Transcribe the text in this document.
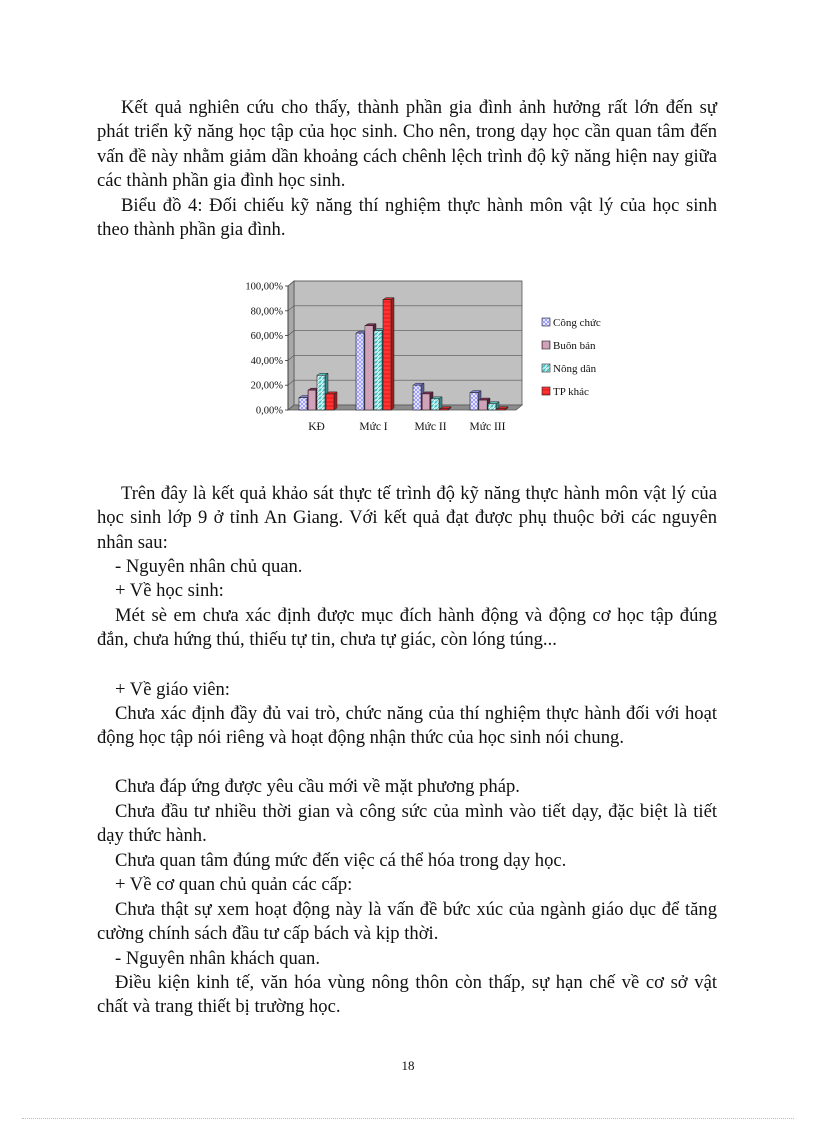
Kết quả nghiên cứu cho thấy, thành phần gia đình ảnh hưởng rất lớn đến sự phát triển kỹ năng học tập của học sinh. Cho nên, trong dạy học cần quan tâm đến vấn đề này nhằm giảm dần khoảng cách chênh lệch trình độ kỹ năng hiện nay giữa các thành phần gia đình học sinh.

Biểu đồ 4: Đối chiếu kỹ năng thí nghiệm thực hành môn vật lý của học sinh theo thành phần gia đình.

0,00%
20,00%
40,00%
60,00%
80,00%
100,00%
KĐ	Mức I Mức II Mức III
Công chức
Buôn bán
Nông dân
TP khác

Trên đây là kết quả khảo sát thực tế trình độ kỹ năng thực hành môn vật lý của học sinh lớp 9 ở tỉnh An Giang. Với kết quả đạt được phụ thuộc bởi các nguyên nhân sau:

- Nguyên nhân chủ quan.

+ Về học sinh:

Mét sè em chưa xác định được mục đích hành động và động cơ học tập đúng đắn, chưa hứng thú, thiếu tự tin, chưa tự giác, còn lóng túng...

+ Về giáo viên:

Chưa xác định đầy đủ vai trò, chức năng của thí nghiệm thực hành đối với hoạt động học tập nói riêng và hoạt động nhận thức của học sinh nói chung.

Chưa đáp ứng được yêu cầu mới về mặt phương pháp.

Chưa đầu tư nhiều thời gian và công sức của mình vào tiết dạy, đặc biệt là tiết dạy thức hành.

Chưa quan tâm đúng mức đến việc cá thể hóa trong dạy học.

+ Về cơ quan chủ quản các cấp:

Chưa thật sự xem hoạt động này là vấn đề bức xúc của ngành giáo dục để tăng cường chính sách đầu tư cấp bách và kịp thời.

- Nguyên nhân khách quan.

Điều kiện kinh tế, văn hóa vùng nông thôn còn thấp, sự hạn chế về cơ sở vật chất và trang thiết bị trường học.

18
